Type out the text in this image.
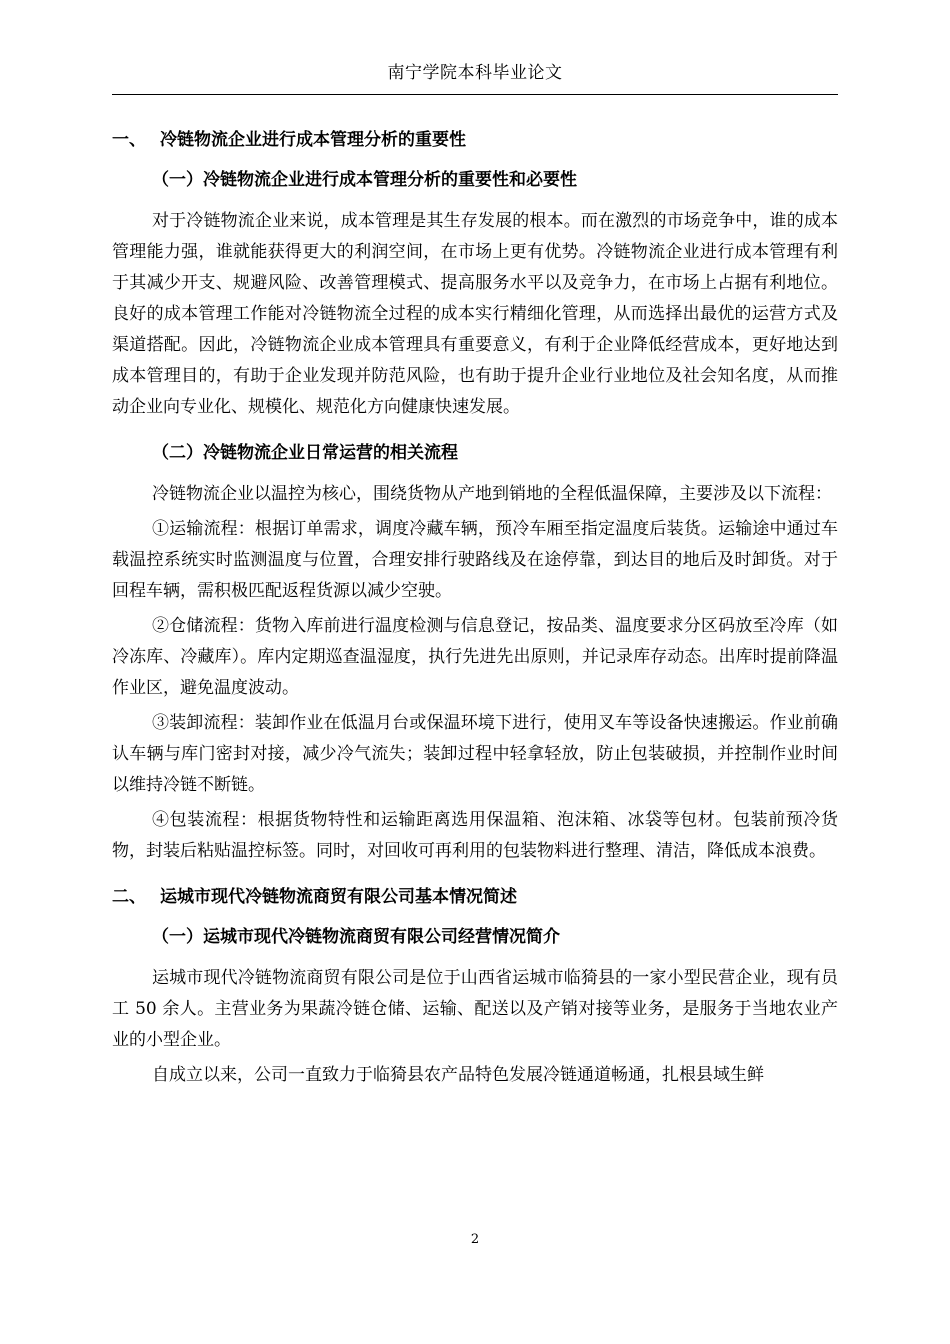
南宁学院本科毕业论文
一、 冷链物流企业进行成本管理分析的重要性
（一）冷链物流企业进行成本管理分析的重要性和必要性

对于冷链物流企业来说，成本管理是其生存发展的根本。而在激烈的市场竞争中，谁的成本管理能力强，谁就能获得更大的利润空间，在市场上更有优势。冷链物流企业进行成本管理有利于其减少开支、规避风险、改善管理模式、提高服务水平以及竞争力，在市场上占据有利地位。良好的成本管理工作能对冷链物流全过程的成本实行精细化管理，从而选择出最优的运营方式及渠道搭配。因此，冷链物流企业成本管理具有重要意义，有利于企业降低经营成本，更好地达到成本管理目的，有助于企业发现并防范风险，也有助于提升企业行业地位及社会知名度，从而推动企业向专业化、规模化、规范化方向健康快速发展。

（二）冷链物流企业日常运营的相关流程

冷链物流企业以温控为核心，围绕货物从产地到销地的全程低温保障，主要涉及以下流程：

①运输流程：根据订单需求，调度冷藏车辆，预冷车厢至指定温度后装货。运输途中通过车载温控系统实时监测温度与位置，合理安排行驶路线及在途停靠，到达目的地后及时卸货。对于回程车辆，需积极匹配返程货源以减少空驶。

②仓储流程：货物入库前进行温度检测与信息登记，按品类、温度要求分区码放至冷库（如冷冻库、冷藏库）。库内定期巡查温湿度，执行先进先出原则，并记录库存动态。出库时提前降温作业区，避免温度波动。

③装卸流程：装卸作业在低温月台或保温环境下进行，使用叉车等设备快速搬运。作业前确认车辆与库门密封对接，减少冷气流失；装卸过程中轻拿轻放，防止包装破损，并控制作业时间以维持冷链不断链。

④包装流程：根据货物特性和运输距离选用保温箱、泡沫箱、冰袋等包材。包装前预冷货物，封装后粘贴温控标签。同时，对回收可再利用的包装物料进行整理、清洁，降低成本浪费。

二、 运城市现代冷链物流商贸有限公司基本情况简述
（一）运城市现代冷链物流商贸有限公司经营情况简介

运城市现代冷链物流商贸有限公司是位于山西省运城市临猗县的一家小型民营企业，现有员工 50 余人。主营业务为果蔬冷链仓储、运输、配送以及产销对接等业务，是服务于当地农业产业的小型企业。

自成立以来，公司一直致力于临猗县农产品特色发展冷链通道畅通，扎根县域生鲜

2
